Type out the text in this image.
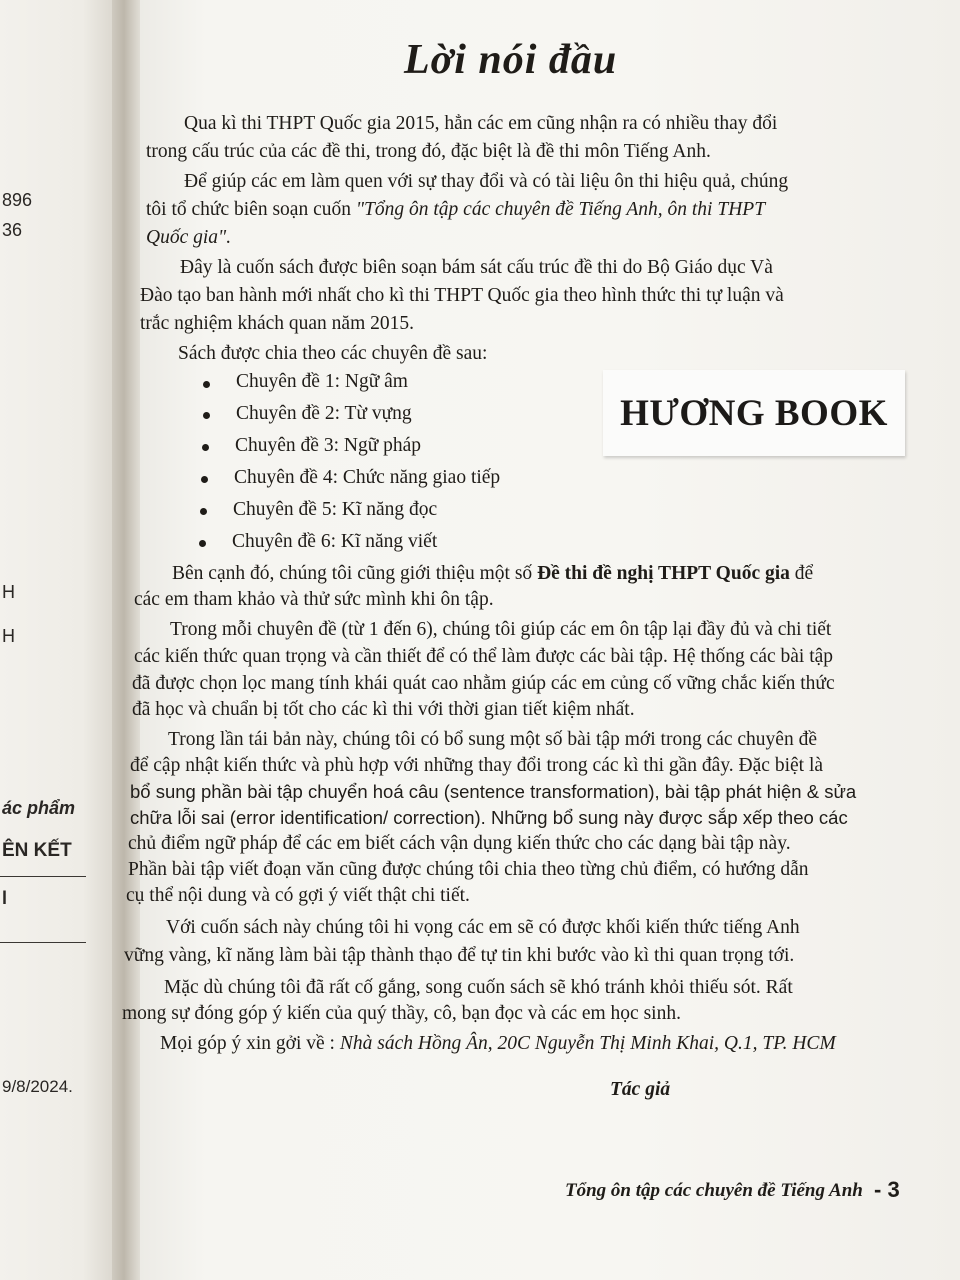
896
36
H
H
ác phẩm
ÊN KẾT
l
9/8/2024.
Lời nói đầu
Qua kì thi THPT Quốc gia 2015, hẳn các em cũng nhận ra có nhiều thay đổi
trong cấu trúc của các đề thi, trong đó, đặc biệt là đề thi môn Tiếng Anh.
Để giúp các em làm quen với sự thay đổi và có tài liệu ôn thi hiệu quả, chúng
tôi tổ chức biên soạn cuốn "Tổng ôn tập các chuyên đề Tiếng Anh, ôn thi THPT
Quốc gia".
Đây là cuốn sách được biên soạn bám sát cấu trúc đề thi do Bộ Giáo dục Và
Đào tạo ban hành mới nhất cho kì thi THPT Quốc gia theo hình thức thi tự luận và
trắc nghiệm khách quan năm 2015.
Sách được chia theo các chuyên đề sau:
Chuyên đề 1: Ngữ âm
Chuyên đề 2: Từ vựng
Chuyên đề 3: Ngữ pháp
Chuyên đề 4: Chức năng giao tiếp
Chuyên đề 5: Kĩ năng đọc
Chuyên đề 6: Kĩ năng viết
HƯƠNG BOOK
Bên cạnh đó, chúng tôi cũng giới thiệu một số Đề thi đề nghị THPT Quốc gia để
các em tham khảo và thử sức mình khi ôn tập.
Trong mỗi chuyên đề (từ 1 đến 6), chúng tôi giúp các em ôn tập lại đầy đủ và chi tiết
các kiến thức quan trọng và cần thiết để có thể làm được các bài tập. Hệ thống các bài tập
đã được chọn lọc mang tính khái quát cao nhằm giúp các em củng cố vững chắc kiến thức
đã học và chuẩn bị tốt cho các kì thi với thời gian tiết kiệm nhất.
Trong lần tái bản này, chúng tôi có bổ sung một số bài tập mới trong các chuyên đề
để cập nhật kiến thức và phù hợp với những thay đổi trong các kì thi gần đây. Đặc biệt là
bổ sung phần bài tập chuyển hoá câu (sentence transformation), bài tập phát hiện & sửa
chữa lỗi sai (error identification/ correction). Những bổ sung này được sắp xếp theo các
chủ điểm ngữ pháp để các em biết cách vận dụng kiến thức cho các dạng bài tập này.
Phần bài tập viết đoạn văn cũng được chúng tôi chia theo từng chủ điểm, có hướng dẫn
cụ thể nội dung và có gợi ý viết thật chi tiết.
Với cuốn sách này chúng tôi hi vọng các em sẽ có được khối kiến thức tiếng Anh
vững vàng, kĩ năng làm bài tập thành thạo để tự tin khi bước vào kì thi quan trọng tới.
Mặc dù chúng tôi đã rất cố gắng, song cuốn sách sẽ khó tránh khỏi thiếu sót. Rất
mong sự đóng góp ý kiến của quý thầy, cô, bạn đọc và các em học sinh.
Mọi góp ý xin gởi về : Nhà sách Hồng Ân, 20C Nguyễn Thị Minh Khai, Q.1, TP. HCM
Tác giả
Tổng ôn tập các chuyên đề Tiếng Anh - 3
